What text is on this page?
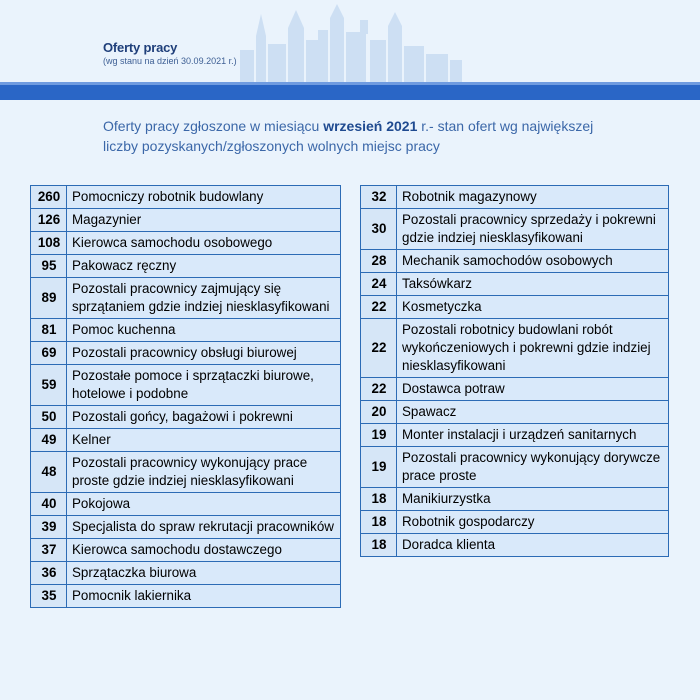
Oferty pracy
(wg stanu na dzień 30.09.2021 r.)
Oferty pracy zgłoszone w miesiącu wrzesień 2021 r.- stan ofert wg największej
liczby pozyskanych/zgłoszonych wolnych miejsc pracy
260	Pomocniczy robotnik budowlany
126	Magazynier
108	Kierowca samochodu osobowego
95	Pakowacz ręczny
89	Pozostali pracownicy zajmujący się sprzątaniem gdzie indziej niesklasyfikowani
81	Pomoc kuchenna
69	Pozostali pracownicy obsługi biurowej
59	Pozostałe pomoce i sprzątaczki biurowe, hotelowe i podobne
50	Pozostali gońcy, bagażowi i pokrewni
49	Kelner
48	Pozostali pracownicy wykonujący prace proste gdzie indziej niesklasyfikowani
40	Pokojowa
39	Specjalista do spraw rekrutacji pracowników
37	Kierowca samochodu dostawczego
36	Sprzątaczka biurowa
35	Pomocnik lakiernika
32	Robotnik magazynowy
30	Pozostali pracownicy sprzedaży i pokrewni gdzie indziej niesklasyfikowani
28	Mechanik samochodów osobowych
24	Taksówkarz
22	Kosmetyczka
22	Pozostali robotnicy budowlani robót wykończeniowych i pokrewni gdzie indziej niesklasyfikowani
22	Dostawca potraw
20	Spawacz
19	Monter instalacji i urządzeń sanitarnych
19	Pozostali pracownicy wykonujący dorywcze prace proste
18	Manikiurzystka
18	Robotnik gospodarczy
18	Doradca klienta
